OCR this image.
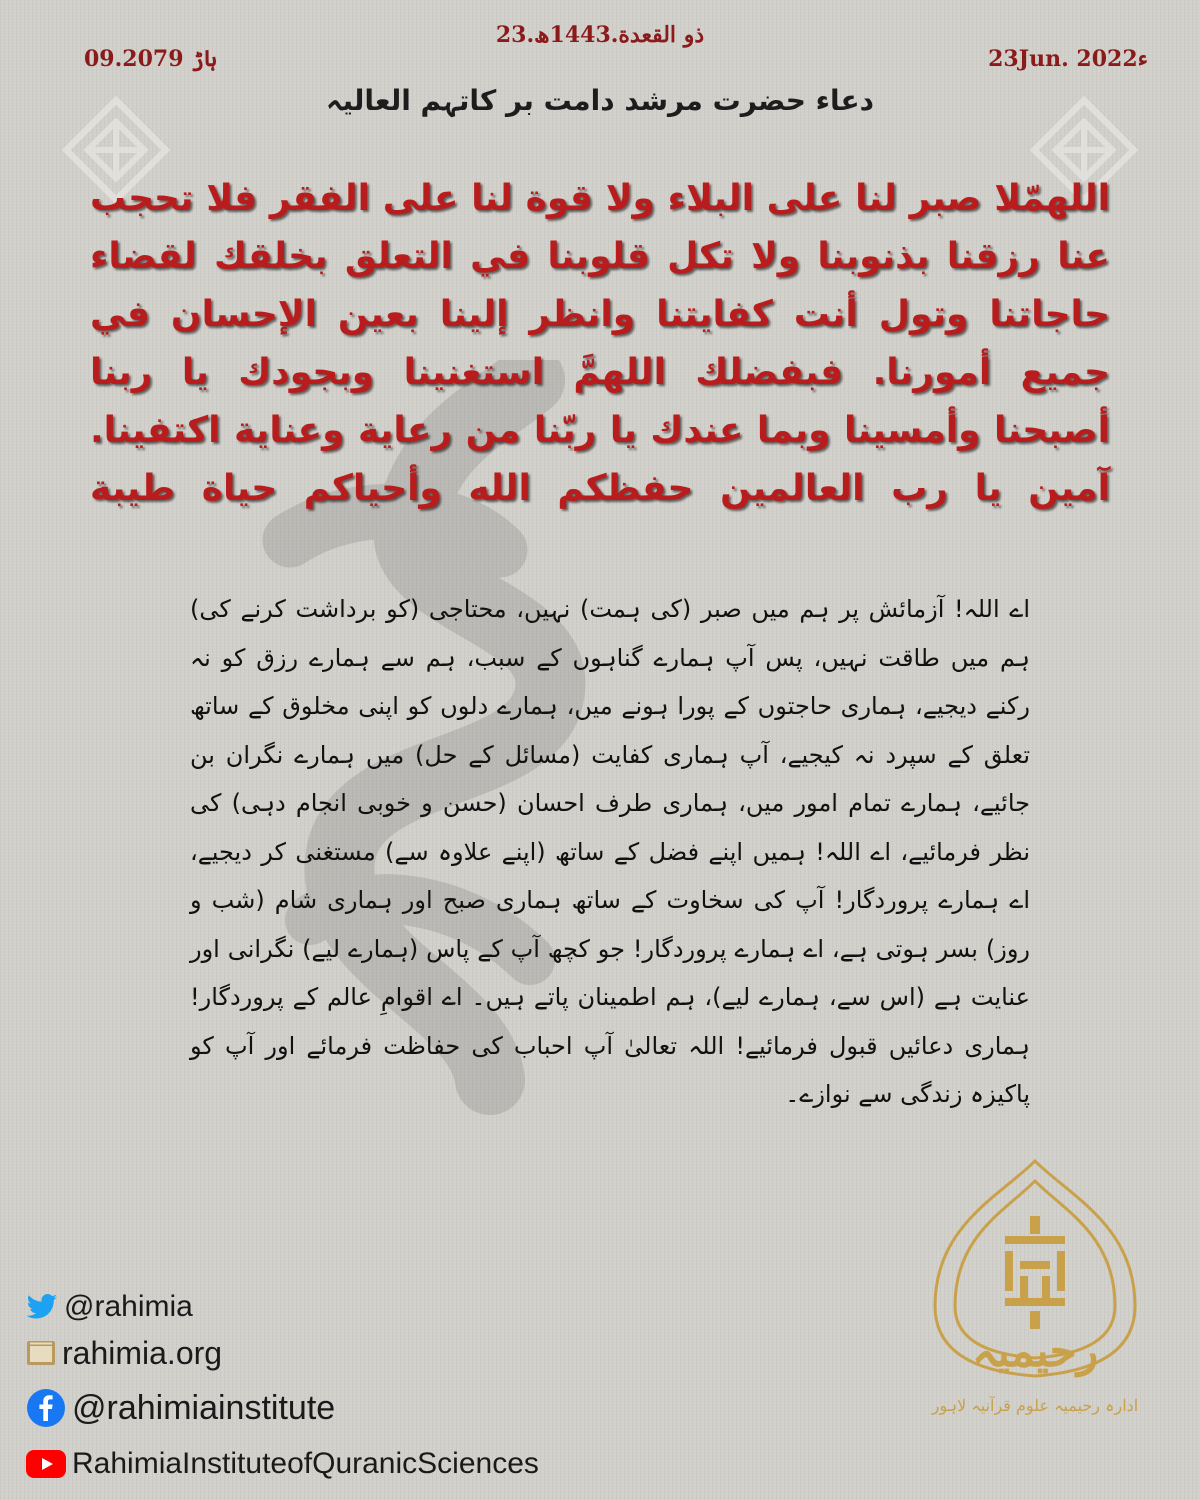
23.ذو القعدة.1443ھ
23Jun. 2022ء
09.ہاڑ 2079
دعاء حضرت مرشد دامت بر کاتہم العالیہ
اللهمّلا صبر لنا على البلاء ولا قوة لنا على الفقر فلا تحجب عنا رزقنا بذنوبنا ولا تكل قلوبنا في التعلق بخلقك لقضاء حاجاتنا وتول أنت كفايتنا وانظر إلينا بعين الإحسان في جميع أمورنا. فبفضلك اللهمَّ استغنينا وبجودك يا ربنا أصبحنا وأمسينا وبما عندك يا ربّنا من رعاية وعناية اكتفينا. آمين يا رب العالمين حفظكم الله وأحياكم حياة طيبة
اے اللہ! آزمائش پر ہم میں صبر (کی ہمت) نہیں، محتاجی (کو برداشت کرنے کی) ہم میں طاقت نہیں، پس آپ ہمارے گناہوں کے سبب، ہم سے ہمارے رزق کو نہ رکنے دیجیے، ہماری حاجتوں کے پورا ہونے میں، ہمارے دلوں کو اپنی مخلوق کے ساتھ تعلق کے سپرد نہ کیجیے، آپ ہماری کفایت (مسائل کے حل) میں ہمارے نگران بن جائیے، ہمارے تمام امور میں، ہماری طرف احسان (حسن و خوبی انجام دہی) کی نظر فرمائیے، اے اللہ! ہمیں اپنے فضل کے ساتھ (اپنے علاوہ سے) مستغنی کر دیجیے، اے ہمارے پروردگار! آپ کی سخاوت کے ساتھ ہماری صبح اور ہماری شام (شب و روز) بسر ہوتی ہے، اے ہمارے پروردگار! جو کچھ آپ کے پاس (ہمارے لیے) نگرانی اور عنایت ہے (اس سے، ہمارے لیے)، ہم اطمینان پاتے ہیں۔ اے اقوامِ عالم کے پروردگار! ہماری دعائیں قبول فرمائیے! اللہ تعالیٰ آپ احباب کی حفاظت فرمائے اور آپ کو پاکیزہ زندگی سے نوازے۔
@rahimia
rahimia.org
@rahimiainstitute
RahimiaInstituteofQuranicSciences
رحیمیہ
ادارہ رحیمیہ علوم قرآنیہ لاہور
